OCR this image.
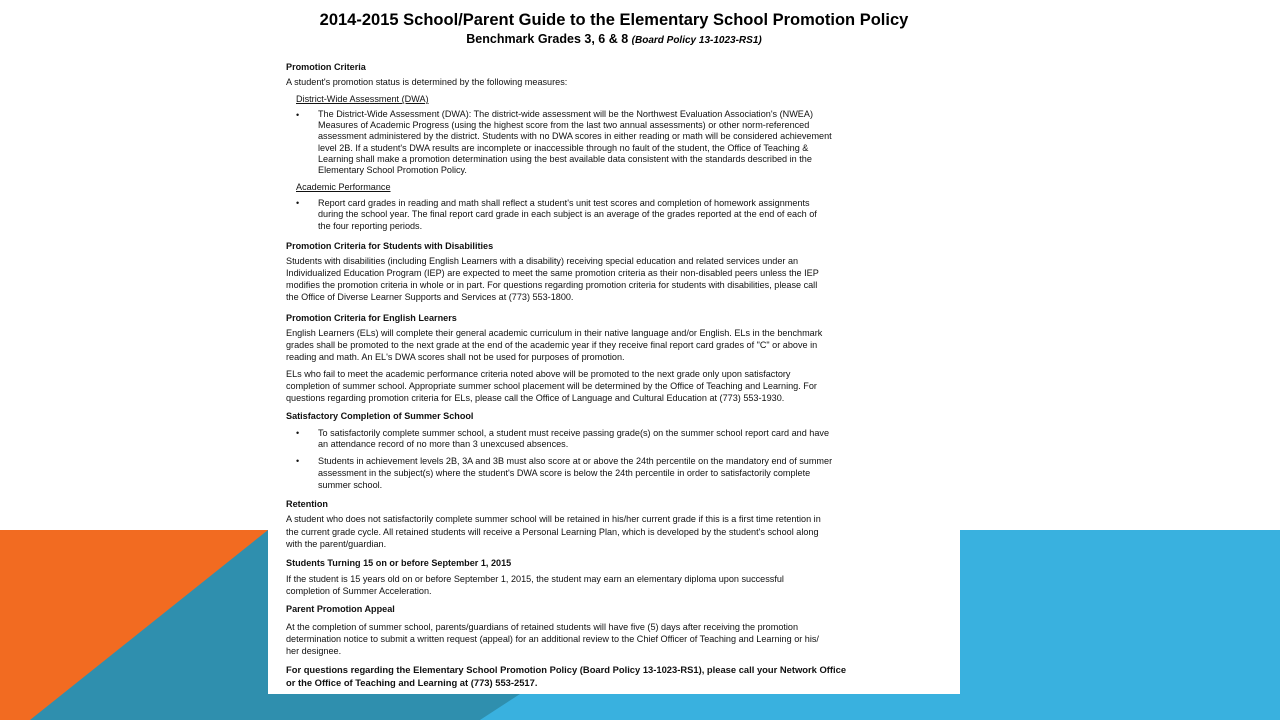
2014-2015 School/Parent Guide to the Elementary School Promotion Policy
Benchmark Grades 3, 6 & 8 (Board Policy 13-1023-RS1)
Promotion Criteria
A student's promotion status is determined by the following measures:
District-Wide Assessment (DWA)
• The District-Wide Assessment (DWA): The district-wide assessment will be the Northwest Evaluation Association's (NWEA)
Measures of Academic Progress (using the highest score from the last two annual assessments) or other norm-referenced
assessment administered by the district. Students with no DWA scores in either reading or math will be considered achievement
level 2B. If a student's DWA results are incomplete or inaccessible through no fault of the student, the Office of Teaching &
Learning shall make a promotion determination using the best available data consistent with the standards described in the
Elementary School Promotion Policy.
Academic Performance
• Report card grades in reading and math shall reflect a student's unit test scores and completion of homework assignments
during the school year. The final report card grade in each subject is an average of the grades reported at the end of each of
the four reporting periods.
Promotion Criteria for Students with Disabilities
Students with disabilities (including English Learners with a disability) receiving special education and related services under an
Individualized Education Program (IEP) are expected to meet the same promotion criteria as their non-disabled peers unless the IEP
modifies the promotion criteria in whole or in part. For questions regarding promotion criteria for students with disabilities, please call
the Office of Diverse Learner Supports and Services at (773) 553-1800.
Promotion Criteria for English Learners
English Learners (ELs) will complete their general academic curriculum in their native language and/or English. ELs in the benchmark
grades shall be promoted to the next grade at the end of the academic year if they receive final report card grades of "C" or above in
reading and math. An EL's DWA scores shall not be used for purposes of promotion.
ELs who fail to meet the academic performance criteria noted above will be promoted to the next grade only upon satisfactory
completion of summer school. Appropriate summer school placement will be determined by the Office of Teaching and Learning. For
questions regarding promotion criteria for ELs, please call the Office of Language and Cultural Education at (773) 553-1930.
Satisfactory Completion of Summer School
• To satisfactorily complete summer school, a student must receive passing grade(s) on the summer school report card and have
an attendance record of no more than 3 unexcused absences.
• Students in achievement levels 2B, 3A and 3B must also score at or above the 24th percentile on the mandatory end of summer
assessment in the subject(s) where the student's DWA score is below the 24th percentile in order to satisfactorily complete
summer school.
Retention
A student who does not satisfactorily complete summer school will be retained in his/her current grade if this is a first time retention in
the current grade cycle. All retained students will receive a Personal Learning Plan, which is developed by the student's school along
with the parent/guardian.
Students Turning 15 on or before September 1, 2015
If the student is 15 years old on or before September 1, 2015, the student may earn an elementary diploma upon successful
completion of Summer Acceleration.
Parent Promotion Appeal
At the completion of summer school, parents/guardians of retained students will have five (5) days after receiving the promotion
determination notice to submit a written request (appeal) for an additional review to the Chief Officer of Teaching and Learning or his/
her designee.
For questions regarding the Elementary School Promotion Policy (Board Policy 13-1023-RS1), please call your Network Office
or the Office of Teaching and Learning at (773) 553-2517.
